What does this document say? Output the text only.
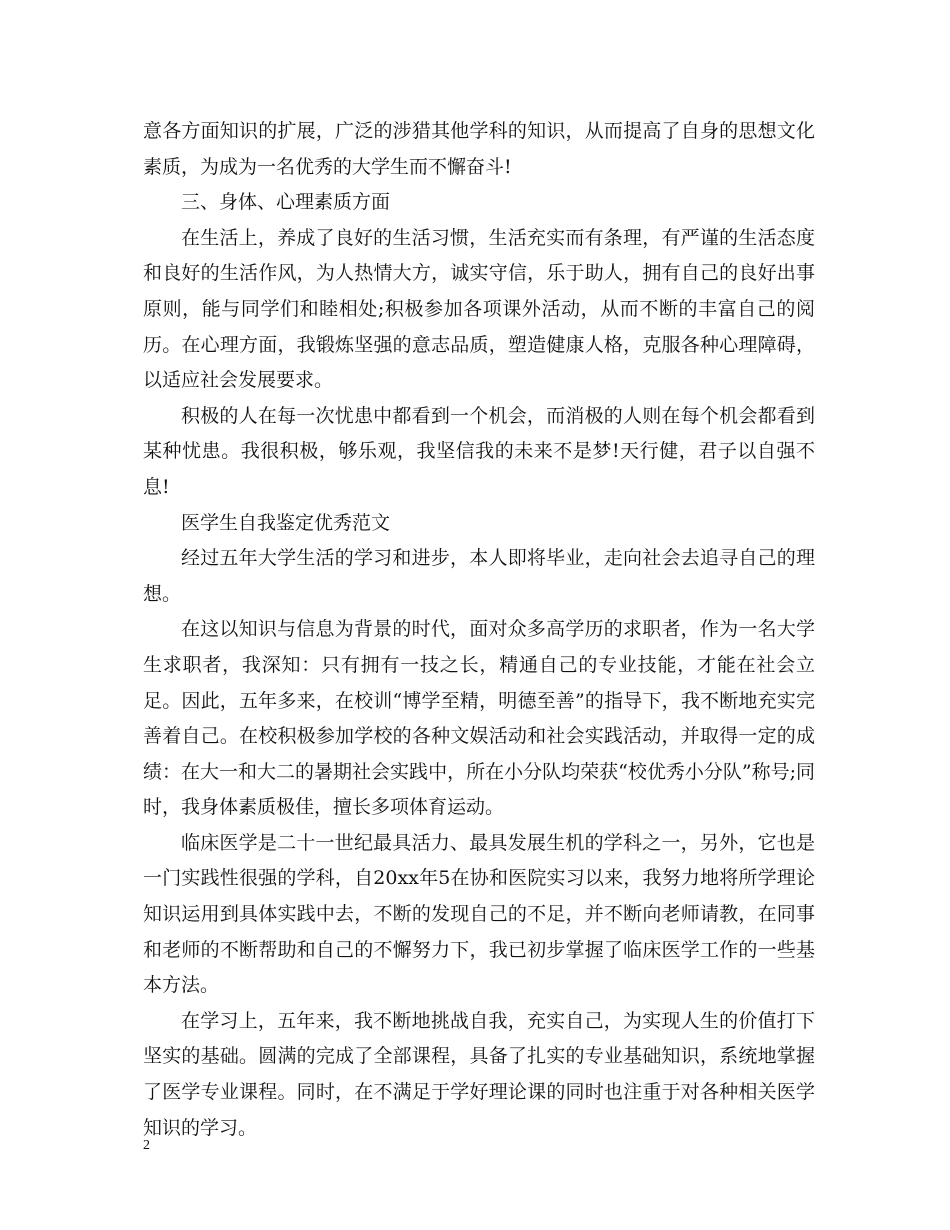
意各方面知识的扩展，广泛的涉猎其他学科的知识，从而提高了自身的思想文化素质，为成为一名优秀的大学生而不懈奋斗!

三、身体、心理素质方面

在生活上，养成了良好的生活习惯，生活充实而有条理，有严谨的生活态度和良好的生活作风，为人热情大方，诚实守信，乐于助人，拥有自己的良好出事原则，能与同学们和睦相处;积极参加各项课外活动，从而不断的丰富自己的阅历。在心理方面，我锻炼坚强的意志品质，塑造健康人格，克服各种心理障碍，以适应社会发展要求。

积极的人在每一次忧患中都看到一个机会，而消极的人则在每个机会都看到某种忧患。我很积极，够乐观，我坚信我的未来不是梦!天行健，君子以自强不息!

医学生自我鉴定优秀范文

经过五年大学生活的学习和进步，本人即将毕业，走向社会去追寻自己的理想。

在这以知识与信息为背景的时代，面对众多高学历的求职者，作为一名大学生求职者，我深知：只有拥有一技之长，精通自己的专业技能，才能在社会立足。因此，五年多来，在校训“博学至精，明德至善”的指导下，我不断地充实完善着自己。在校积极参加学校的各种文娱活动和社会实践活动，并取得一定的成绩：在大一和大二的暑期社会实践中，所在小分队均荣获“校优秀小分队”称号;同时，我身体素质极佳，擅长多项体育运动。

临床医学是二十一世纪最具活力、最具发展生机的学科之一，另外，它也是一门实践性很强的学科，自20xx年5在协和医院实习以来，我努力地将所学理论知识运用到具体实践中去，不断的发现自己的不足，并不断向老师请教，在同事和老师的不断帮助和自己的不懈努力下，我已初步掌握了临床医学工作的一些基本方法。

在学习上，五年来，我不断地挑战自我，充实自己，为实现人生的价值打下坚实的基础。圆满的完成了全部课程，具备了扎实的专业基础知识，系统地掌握了医学专业课程。同时，在不满足于学好理论课的同时也注重于对各种相关医学知识的学习。

2
